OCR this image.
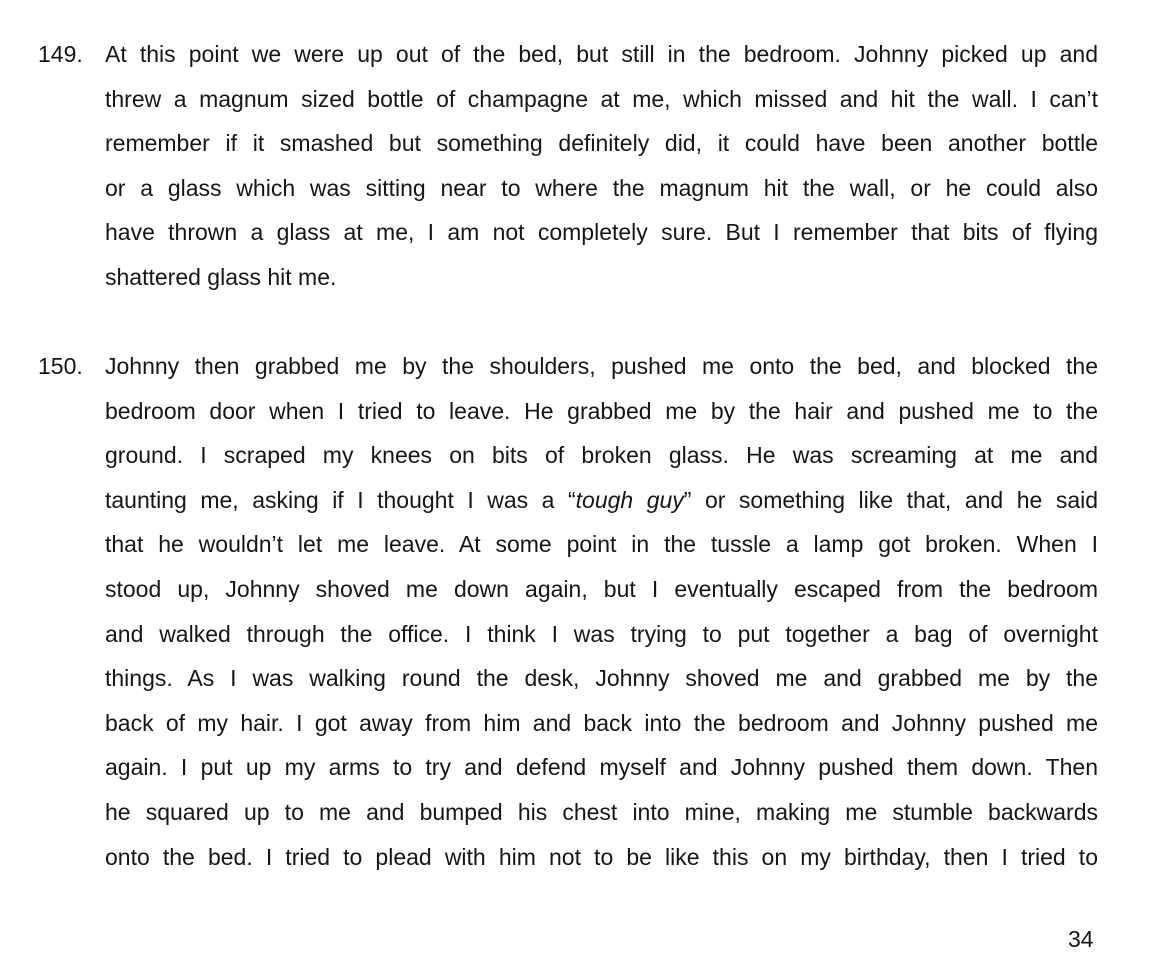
149. At this point we were up out of the bed, but still in the bedroom. Johnny picked up and
threw a magnum sized bottle of champagne at me, which missed and hit the wall. I can’t
remember if it smashed but something definitely did, it could have been another bottle
or a glass which was sitting near to where the magnum hit the wall, or he could also
have thrown a glass at me, I am not completely sure. But I remember that bits of flying
shattered glass hit me.
150. Johnny then grabbed me by the shoulders, pushed me onto the bed, and blocked the
bedroom door when I tried to leave. He grabbed me by the hair and pushed me to the
ground. I scraped my knees on bits of broken glass. He was screaming at me and
taunting me, asking if I thought I was a “tough guy” or something like that, and he said
that he wouldn’t let me leave. At some point in the tussle a lamp got broken. When I
stood up, Johnny shoved me down again, but I eventually escaped from the bedroom
and walked through the office. I think I was trying to put together a bag of overnight
things. As I was walking round the desk, Johnny shoved me and grabbed me by the
back of my hair. I got away from him and back into the bedroom and Johnny pushed me
again. I put up my arms to try and defend myself and Johnny pushed them down. Then
he squared up to me and bumped his chest into mine, making me stumble backwards
onto the bed. I tried to plead with him not to be like this on my birthday, then I tried to
34
